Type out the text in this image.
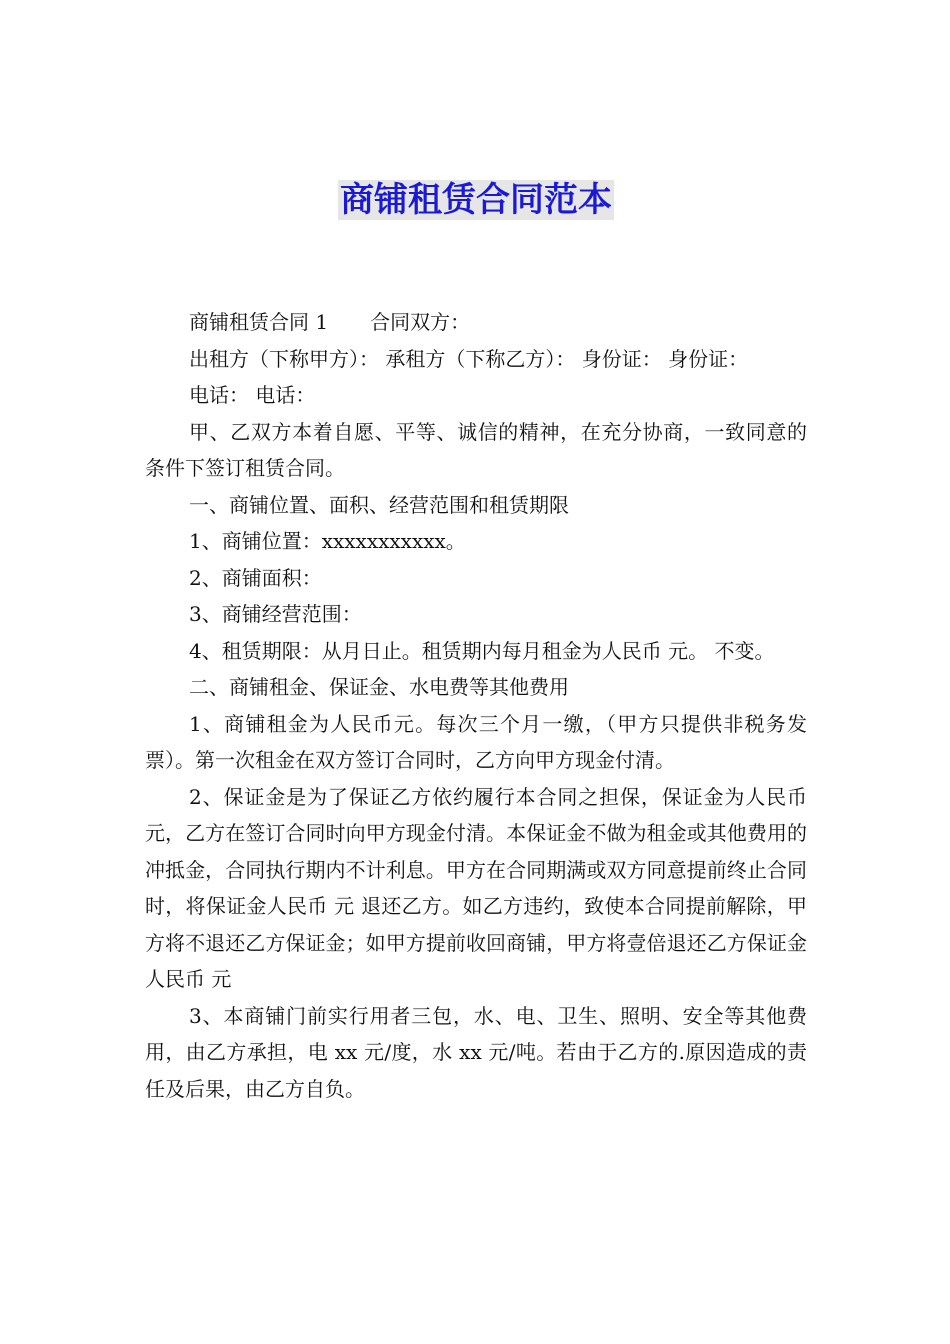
商铺租赁合同范本

商铺租赁合同 1 合同双方：

出租方（下称甲方）： 承租方（下称乙方）： 身份证： 身份证：

电话： 电话：

甲、乙双方本着自愿、平等、诚信的精神，在充分协商，一致同意的条件下签订租赁合同。

一、商铺位置、面积、经营范围和租赁期限

1、商铺位置：xxxxxxxxxxx。

2、商铺面积：

3、商铺经营范围：

4、租赁期限：从月日止。租赁期内每月租金为人民币 元。 不变。

二、商铺租金、保证金、水电费等其他费用

1、商铺租金为人民币元。每次三个月一缴，（甲方只提供非税务发票）。第一次租金在双方签订合同时，乙方向甲方现金付清。

2、保证金是为了保证乙方依约履行本合同之担保，保证金为人民币 元，乙方在签订合同时向甲方现金付清。本保证金不做为租金或其他费用的冲抵金，合同执行期内不计利息。甲方在合同期满或双方同意提前终止合同时，将保证金人民币 元 退还乙方。如乙方违约，致使本合同提前解除，甲方将不退还乙方保证金；如甲方提前收回商铺，甲方将壹倍退还乙方保证金人民币 元

3、本商铺门前实行用者三包，水、电、卫生、照明、安全等其他费用，由乙方承担，电 xx 元/度，水 xx 元/吨。若由于乙方的.原因造成的责任及后果，由乙方自负。
